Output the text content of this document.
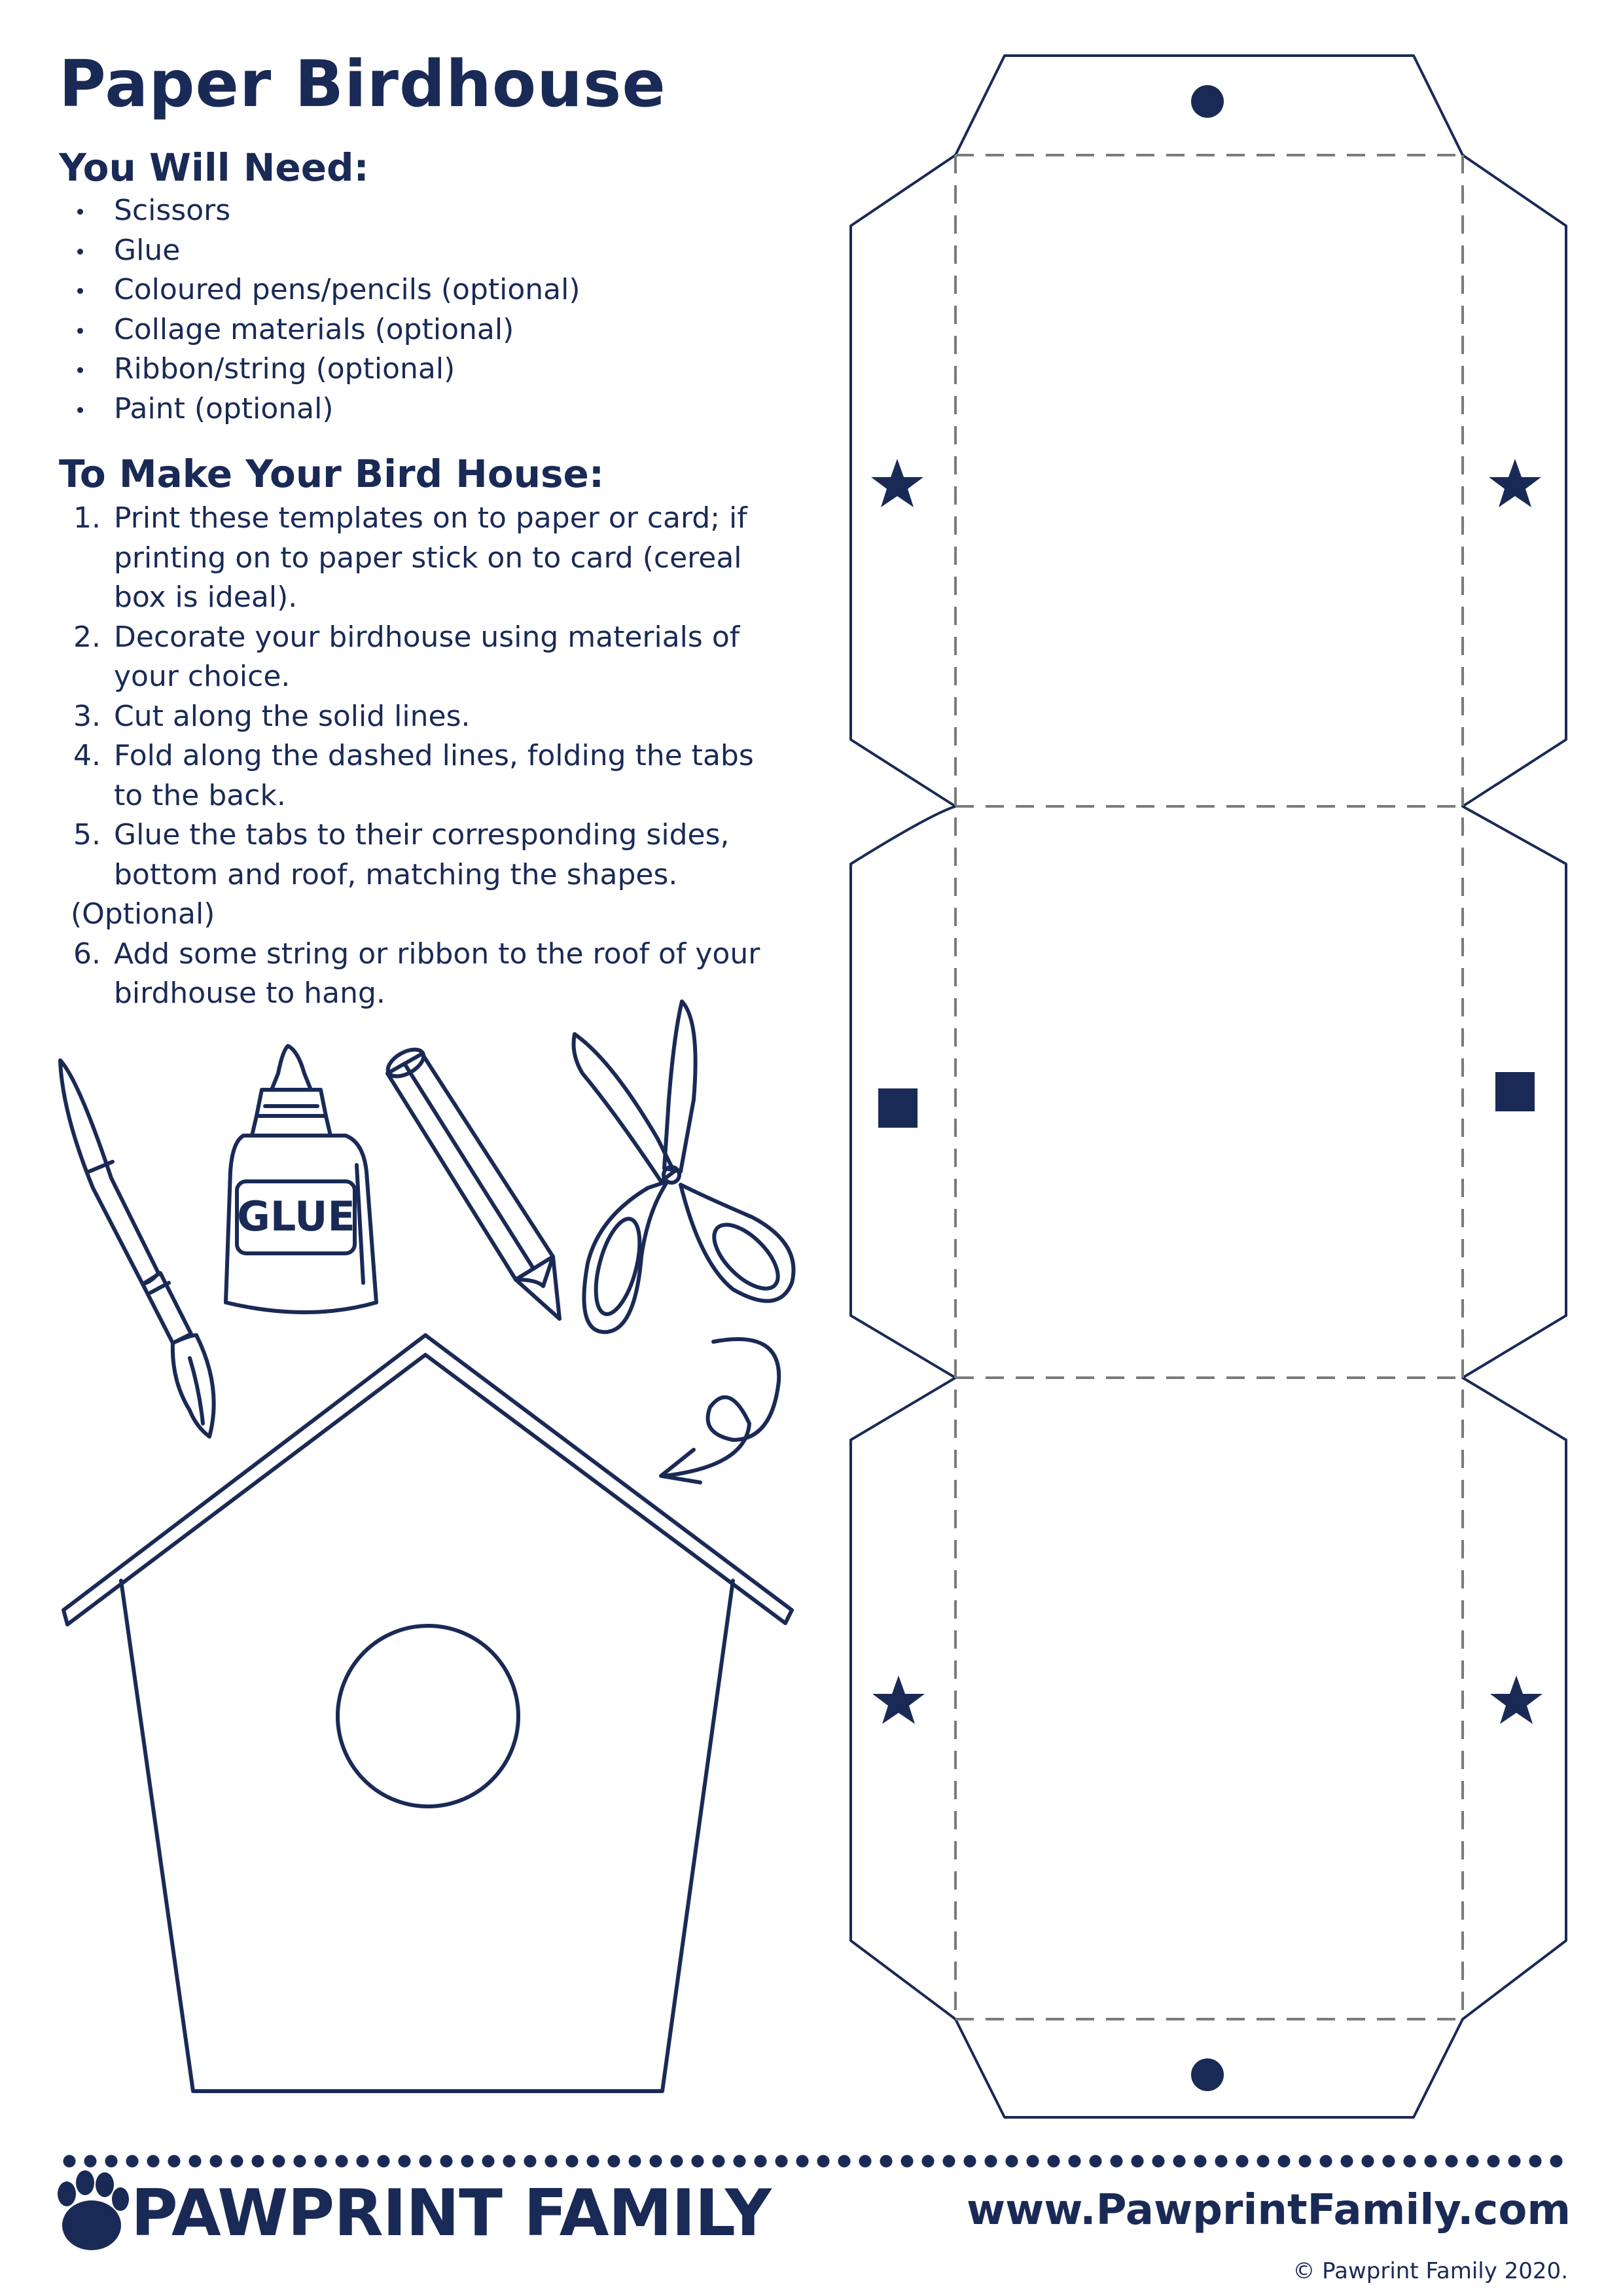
Paper Birdhouse
You Will Need:
Scissors
Glue
Coloured pens/pencils (optional)
Collage materials (optional)
Ribbon/string (optional)
Paint (optional)
To Make Your Bird House:
1. Print these templates on to paper or card; if printing on to paper stick on to card (cereal box is ideal).
2. Decorate your birdhouse using materials of your choice.
3. Cut along the solid lines.
4. Fold along the dashed lines, folding the tabs to the back.
5. Glue the tabs to their corresponding sides, bottom and roof, matching the shapes.
(Optional)
6. Add some string or ribbon to the roof of your birdhouse to hang.
GLUE
PAWPRINT FAMILY	www.PawprintFamily.com
© Pawprint Family 2020.
